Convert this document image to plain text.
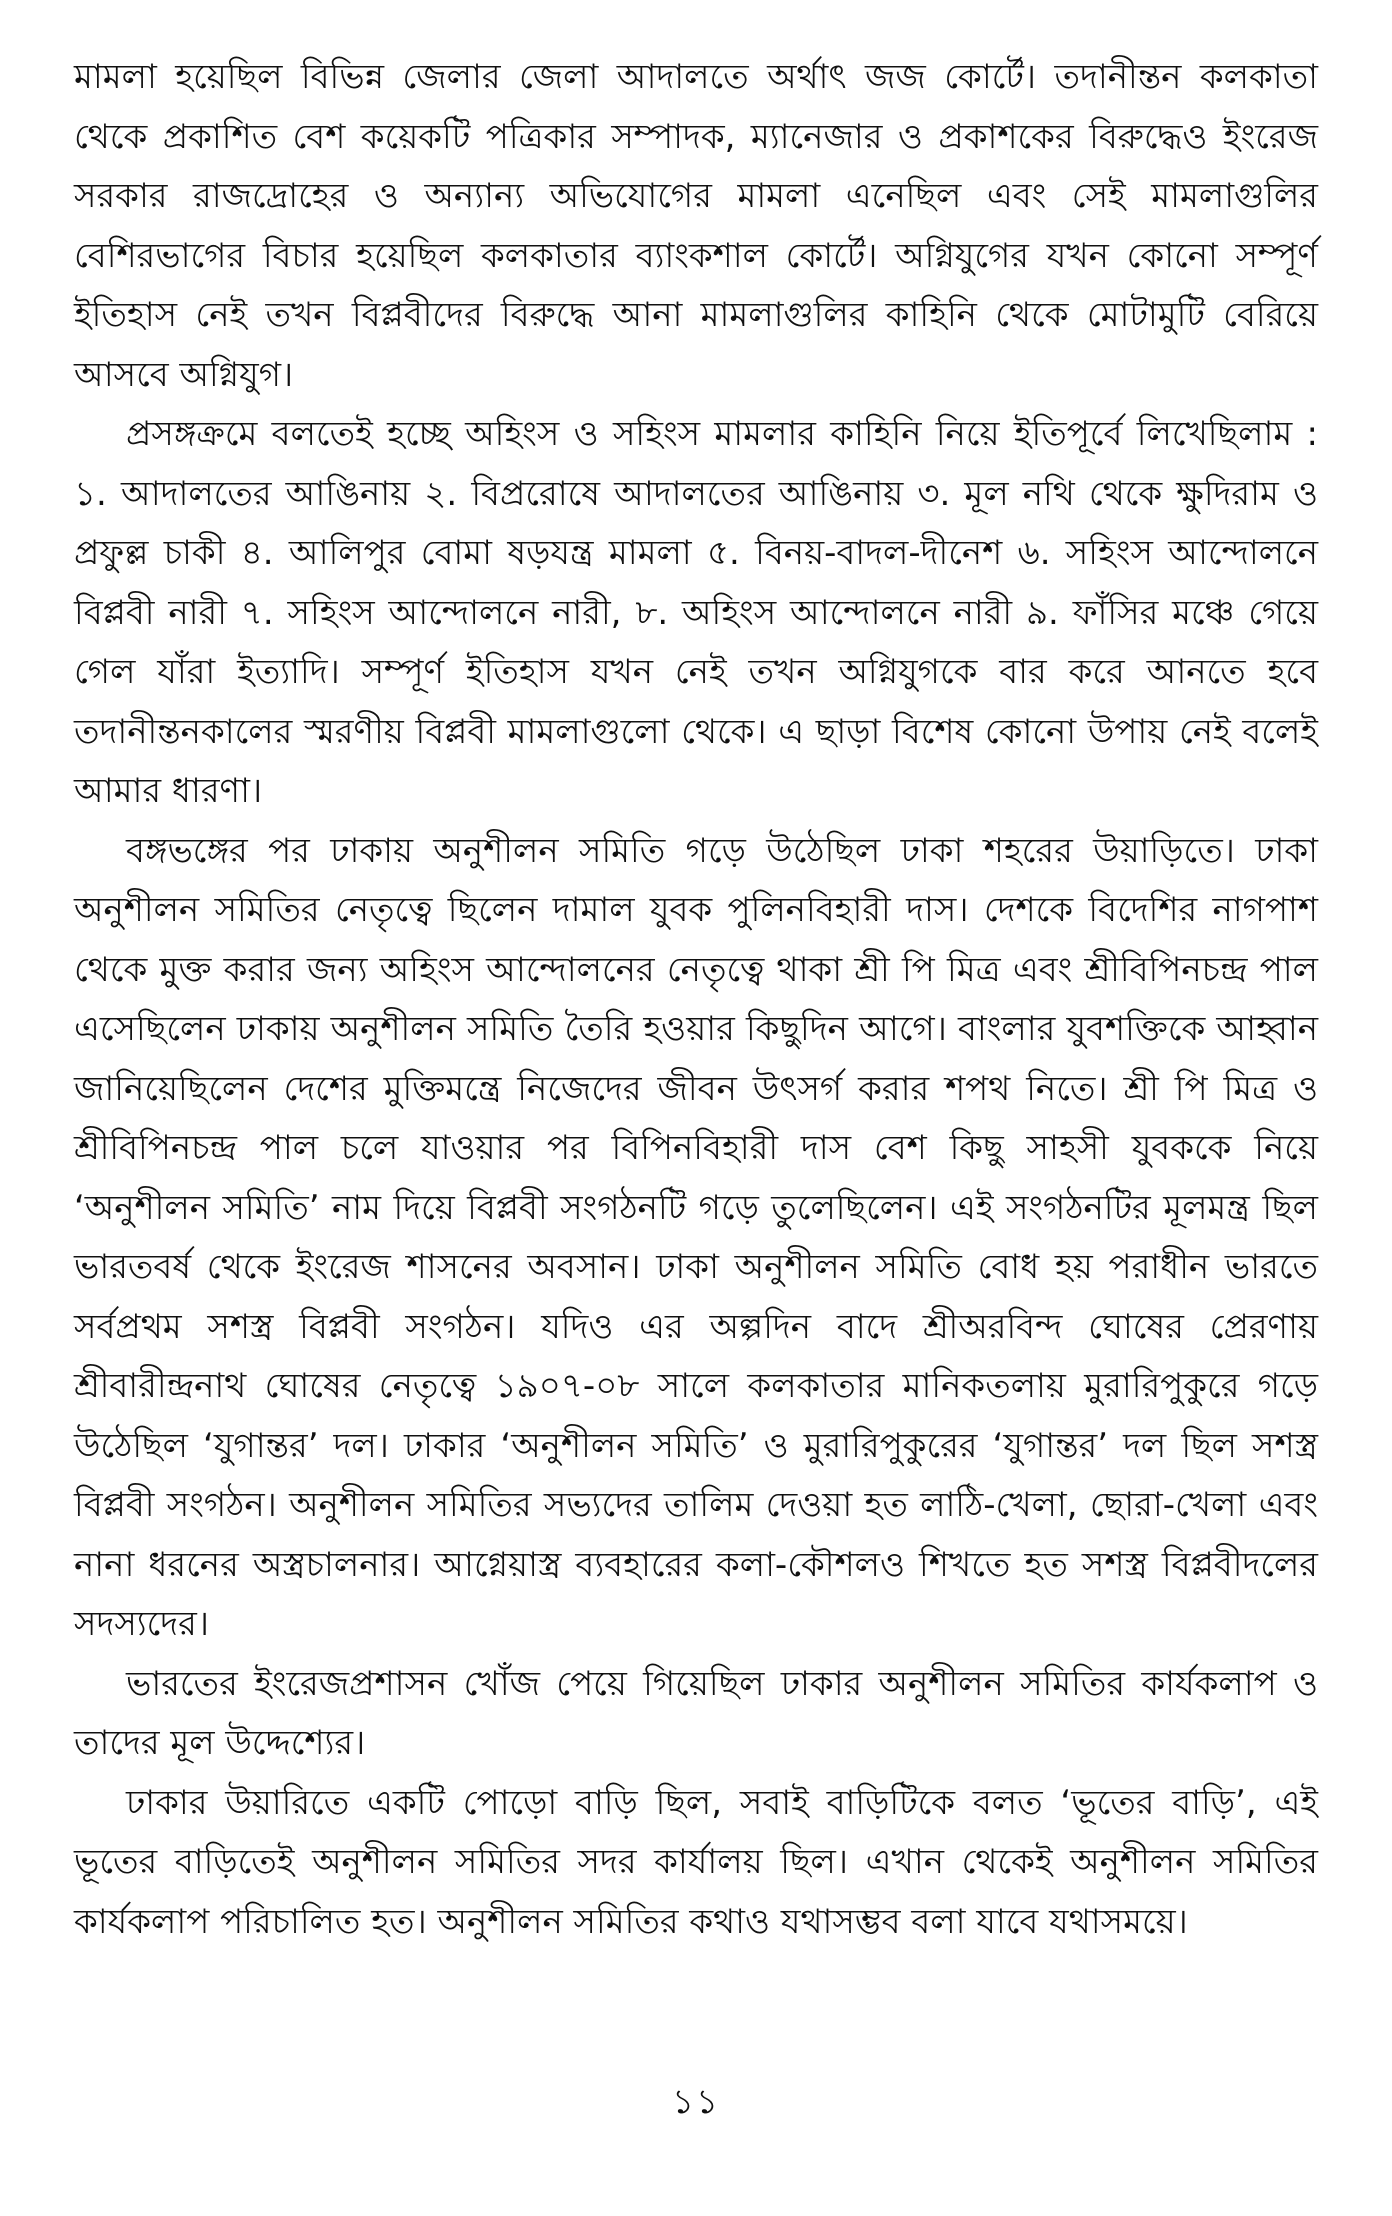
মামলা হয়েছিল বিভিন্ন জেলার জেলা আদালতে অর্থাৎ জজ কোর্টে। তদানীন্তন কলকাতা থেকে প্রকাশিত বেশ কয়েকটি পত্রিকার সম্পাদক, ম্যানেজার ও প্রকাশকের বিরুদ্ধেও ইংরেজ সরকার রাজদ্রোহের ও অন্যান্য অভিযোগের মামলা এনেছিল এবং সেই মামলাগুলির বেশিরভাগের বিচার হয়েছিল কলকাতার ব্যাংকশাল কোর্টে। অগ্নিযুগের যখন কোনো সম্পূর্ণ ইতিহাস নেই তখন বিপ্লবীদের বিরুদ্ধে আনা মামলাগুলির কাহিনি থেকে মোটামুটি বেরিয়ে আসবে অগ্নিযুগ।

প্রসঙ্গক্রমে বলতেই হচ্ছে অহিংস ও সহিংস মামলার কাহিনি নিয়ে ইতিপূর্বে লিখেছিলাম : ১. আদালতের আঙিনায় ২. বিপ্ররোষে আদালতের আঙিনায় ৩. মূল নথি থেকে ক্ষুদিরাম ও প্রফুল্ল চাকী ৪. আলিপুর বোমা ষড়যন্ত্র মামলা ৫. বিনয়-বাদল-দীনেশ ৬. সহিংস আন্দোলনে বিপ্লবী নারী ৭. সহিংস আন্দোলনে নারী, ৮. অহিংস আন্দোলনে নারী ৯. ফাঁসির মঞ্চে গেয়ে গেল যাঁরা ইত্যাদি। সম্পূর্ণ ইতিহাস যখন নেই তখন অগ্নিযুগকে বার করে আনতে হবে তদানীন্তনকালের স্মরণীয় বিপ্লবী মামলাগুলো থেকে। এ ছাড়া বিশেষ কোনো উপায় নেই বলেই আমার ধারণা।

বঙ্গভঙ্গের পর ঢাকায় অনুশীলন সমিতি গড়ে উঠেছিল ঢাকা শহরের উয়াড়িতে। ঢাকা অনুশীলন সমিতির নেতৃত্বে ছিলেন দামাল যুবক পুলিনবিহারী দাস। দেশকে বিদেশির নাগপাশ থেকে মুক্ত করার জন্য অহিংস আন্দোলনের নেতৃত্বে থাকা শ্রী পি মিত্র এবং শ্রীবিপিনচন্দ্র পাল এসেছিলেন ঢাকায় অনুশীলন সমিতি তৈরি হওয়ার কিছুদিন আগে। বাংলার যুবশক্তিকে আহ্বান জানিয়েছিলেন দেশের মুক্তিমন্ত্রে নিজেদের জীবন উৎসর্গ করার শপথ নিতে। শ্রী পি মিত্র ও শ্রীবিপিনচন্দ্র পাল চলে যাওয়ার পর বিপিনবিহারী দাস বেশ কিছু সাহসী যুবককে নিয়ে ‘অনুশীলন সমিতি’ নাম দিয়ে বিপ্লবী সংগঠনটি গড়ে তুলেছিলেন। এই সংগঠনটির মূলমন্ত্র ছিল ভারতবর্ষ থেকে ইংরেজ শাসনের অবসান। ঢাকা অনুশীলন সমিতি বোধ হয় পরাধীন ভারতে সর্বপ্রথম সশস্ত্র বিপ্লবী সংগঠন। যদিও এর অল্পদিন বাদে শ্রীঅরবিন্দ ঘোষের প্রেরণায় শ্রীবারীন্দ্রনাথ ঘোষের নেতৃত্বে ১৯০৭-০৮ সালে কলকাতার মানিকতলায় মুরারিপুকুরে গড়ে উঠেছিল ‘যুগান্তর’ দল। ঢাকার ‘অনুশীলন সমিতি’ ও মুরারিপুকুরের ‘যুগান্তর’ দল ছিল সশস্ত্র বিপ্লবী সংগঠন। অনুশীলন সমিতির সভ্যদের তালিম দেওয়া হত লাঠি-খেলা, ছোরা-খেলা এবং নানা ধরনের অস্ত্রচালনার। আগ্নেয়াস্ত্র ব্যবহারের কলা-কৌশলও শিখতে হত সশস্ত্র বিপ্লবীদলের সদস্যদের।

ভারতের ইংরেজপ্রশাসন খোঁজ পেয়ে গিয়েছিল ঢাকার অনুশীলন সমিতির কার্যকলাপ ও তাদের মূল উদ্দেশ্যের।

ঢাকার উয়ারিতে একটি পোড়ো বাড়ি ছিল, সবাই বাড়িটিকে বলত ‘ভূতের বাড়ি’, এই ভূতের বাড়িতেই অনুশীলন সমিতির সদর কার্যালয় ছিল। এখান থেকেই অনুশীলন সমিতির কার্যকলাপ পরিচালিত হত। অনুশীলন সমিতির কথাও যথাসম্ভব বলা যাবে যথাসময়ে।

১১
